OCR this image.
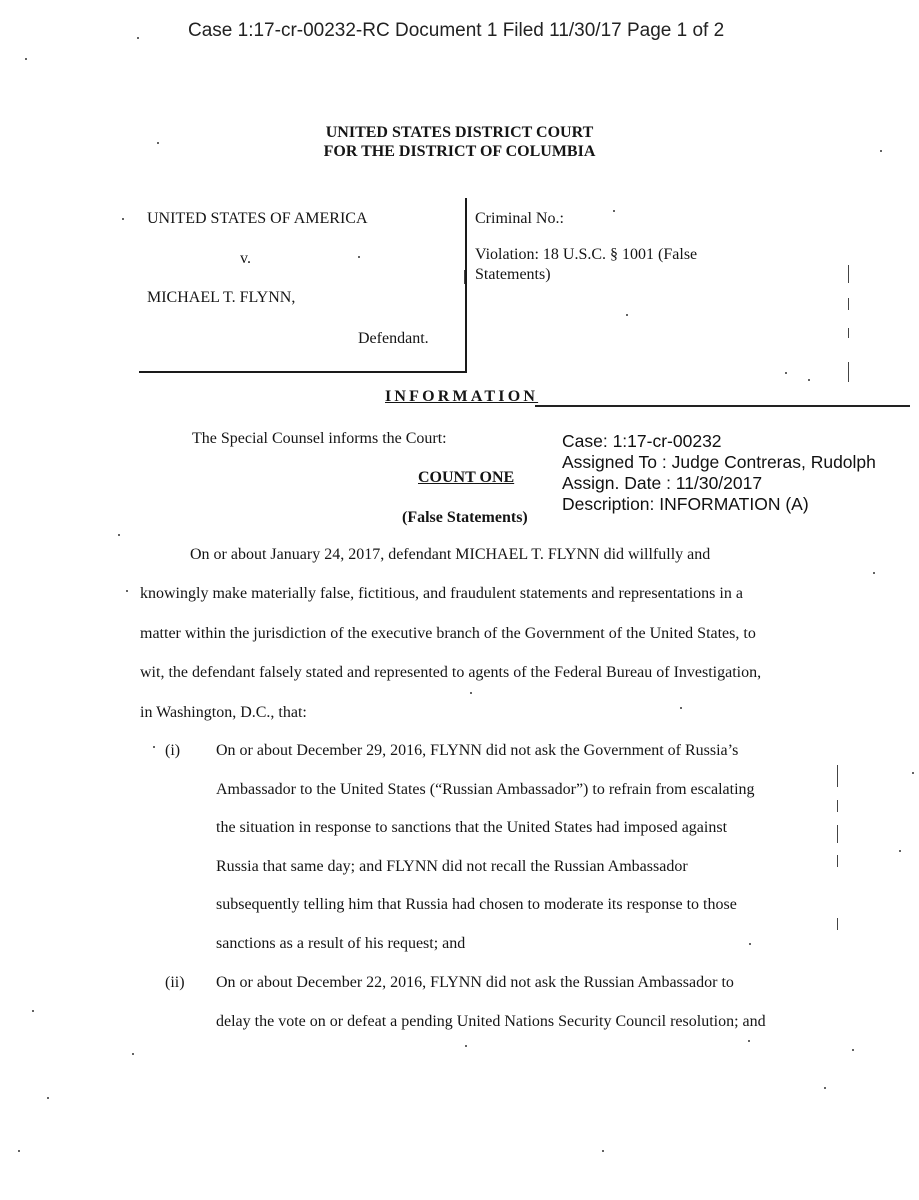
Case 1:17-cr-00232-RC Document 1 Filed 11/30/17 Page 1 of 2
UNITED STATES DISTRICT COURT
FOR THE DISTRICT OF COLUMBIA
UNITED STATES OF AMERICA
v.
MICHAEL T. FLYNN,
Defendant.
Criminal No.:
Violation: 18 U.S.C. § 1001 (False
Statements)
INFORMATION
The Special Counsel informs the Court:	Case: 1:17-cr-00232
Assigned To : Judge Contreras, Rudolph
Assign. Date : 11/30/2017
Description: INFORMATION (A)
COUNT ONE
(False Statements)
On or about January 24, 2017, defendant MICHAEL T. FLYNN did willfully and
knowingly make materially false, fictitious, and fraudulent statements and representations in a
matter within the jurisdiction of the executive branch of the Government of the United States, to
wit, the defendant falsely stated and represented to agents of the Federal Bureau of Investigation,
in Washington, D.C., that:
(i) On or about December 29, 2016, FLYNN did not ask the Government of Russia’s
Ambassador to the United States (“Russian Ambassador”) to refrain from escalating
the situation in response to sanctions that the United States had imposed against
Russia that same day; and FLYNN did not recall the Russian Ambassador
subsequently telling him that Russia had chosen to moderate its response to those
sanctions as a result of his request; and
(ii) On or about December 22, 2016, FLYNN did not ask the Russian Ambassador to
delay the vote on or defeat a pending United Nations Security Council resolution; and
